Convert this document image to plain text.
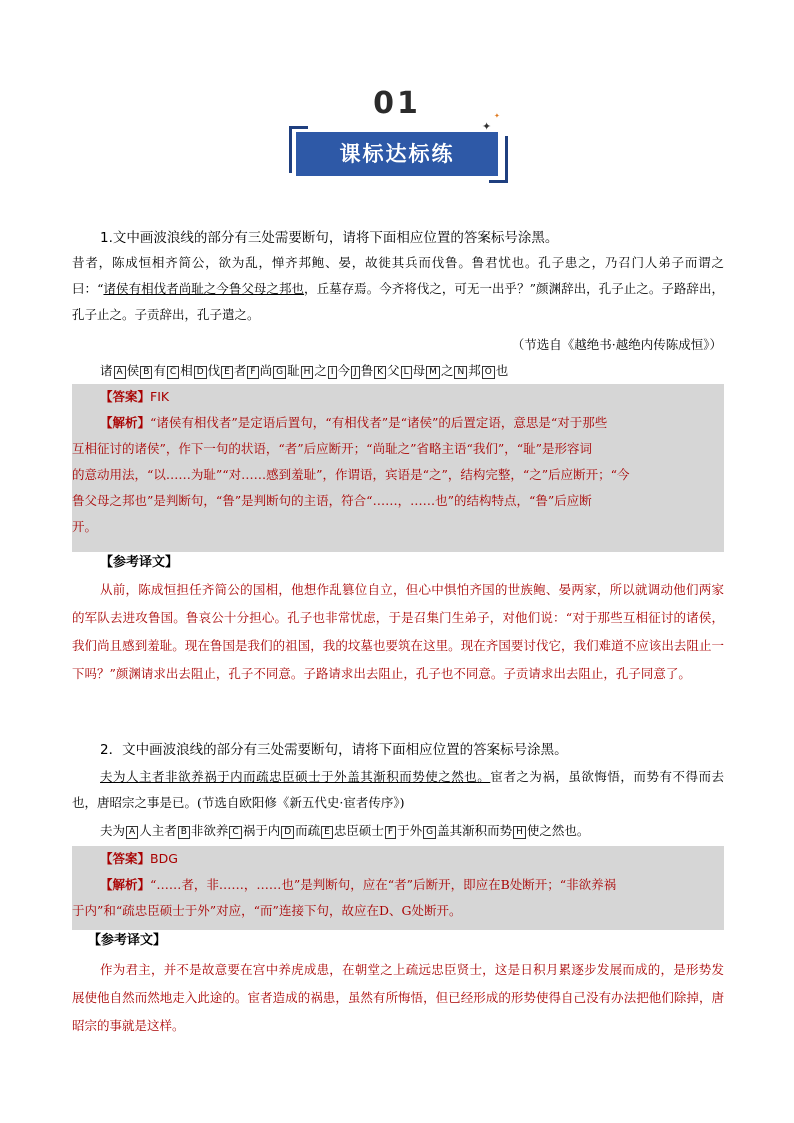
01
课标达标练
✦
✦
1.文中画波浪线的部分有三处需要断句，请将下面相应位置的答案标号涂黑。
昔者，陈成恒相齐简公，欲为乱，惮齐邦鲍、晏，故徙其兵而伐鲁。鲁君忧也。孔子患之，乃召门人弟子而谓之曰：“诸侯有相伐者尚耻之今鲁父母之邦也，丘墓存焉。今齐将伐之，可无一出乎？”颜渊辞出，孔子止之。子路辞出，孔子止之。子贡辞出，孔子遣之。
（节选自《越绝书·越绝内传陈成恒》）
诸 A 侯 B 有 C 相 D 伐 E 者 F 尚 G 耻 H 之 I 今 J 鲁 K 父 L 母 M 之 N 邦 O 也
【答案】FIK
【解析】“诸侯有相伐者”是定语后置句，“有相伐者”是“诸侯”的后置定语，意思是“对于那些
互相征讨的诸侯”，作下一句的状语，“者”后应断开；“尚耻之”省略主语“我们”，“耻”是形容词
的意动用法，“以……为耻”“对……感到羞耻”，作谓语，宾语是“之”，结构完整，“之”后应断开；“今
鲁父母之邦也”是判断句，“鲁”是判断句的主语，符合“……，……也”的结构特点，“鲁”后应断
开。
【参考译文】
从前，陈成恒担任齐简公的国相，他想作乱篡位自立，但心中惧怕齐国的世族鲍、晏两家，所以就调动他们两家的军队去进攻鲁国。鲁哀公十分担心。孔子也非常忧虑，于是召集门生弟子，对他们说：“对于那些互相征讨的诸侯，我们尚且感到羞耻。现在鲁国是我们的祖国，我的坟墓也要筑在这里。现在齐国要讨伐它，我们难道不应该出去阻止一下吗？”颜渊请求出去阻止，孔子不同意。子路请求出去阻止，孔子也不同意。子贡请求出去阻止，孔子同意了。
2．文中画波浪线的部分有三处需要断句，请将下面相应位置的答案标号涂黑。
夫为人主者非欲养祸于内而疏忠臣硕士于外盖其渐积而势使之然也。宦者之为祸，虽欲悔悟，而势有不得而去也，唐昭宗之事是已。(节选自欧阳修《新五代史·宦者传序》)
夫为 A 人主者 B 非欲养 C 祸于内 D 而疏 E 忠臣硕士 F 于外 G 盖其渐积而势 H 使之然也。
【答案】BDG
【解析】“……者，非……，……也”是判断句，应在“者”后断开，即应在B处断开；“非欲养祸
于内”和“疏忠臣硕士于外”对应，“而”连接下句，故应在D、G处断开。
【参考译文】
作为君主，并不是故意要在宫中养虎成患，在朝堂之上疏远忠臣贤士，这是日积月累逐步发展而成的，是形势发展使他自然而然地走入此途的。宦者造成的祸患，虽然有所悔悟，但已经形成的形势使得自己没有办法把他们除掉，唐昭宗的事就是这样。
